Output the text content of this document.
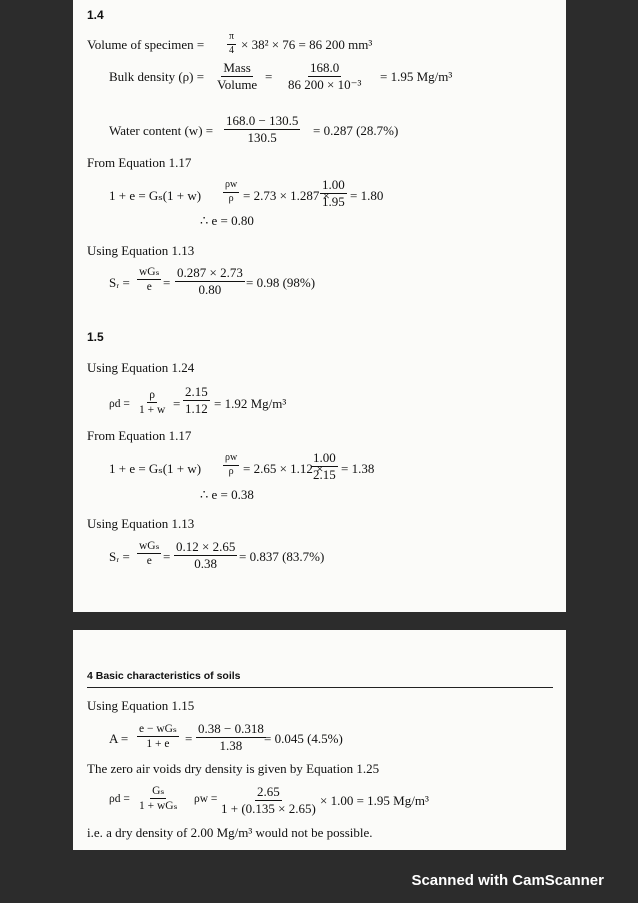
1.4
Volume of specimen = $\frac{\pi}{4} \times 38^2 \times 76 = 86$ 200 mm³
Bulk density (ρ) =
Mass
Volume
= $\frac{168.0}{\text{86 200 × 10⁻³}} = 1.95$ Mg/m³
Water content $(w) = \frac{168.0 - 130.5}{130.5} = 0.287$ (28.7%)
From Equation 1.17
$1 + e = G_s(1 + w) \frac{\rho w}{\rho} = 2.73 \times 1.287$ ×
$\frac{1.00}{1.95} = 1.80$
∴ e = 0.80
Using Equation 1.13
Sᵣ =
wGₛ
$e = \frac{0.287 \times 2.73}{0.80} = 0.98$ (98%)
1.5
Using Equation 1.24
$\rho d = \frac{\rho}{1 + w} = \frac{2.15}{1.12} = 1.92$ Mg/m³
From Equation 1.17
$1 + e = G_s(1 + w) \frac{\rho w}{\rho} = 2.65 \times 1.12$ ×
$\frac{1.00}{2.15} = 1.38$
∴ e = 0.38
Using Equation 1.13
Sᵣ =
wGₛ
$e = \frac{0.12 \times 2.65}{0.38} = 0.837$ (83.7%)
4 Basic characteristics of soils
Using Equation 1.15
A =
e − wGₛ
$1 + e = \frac{0.38 - 0.318}{1.38}$
= 0.045 (4.5%)
The zero air voids dry density is given by Equation 1.25
ρd =
Gₛ
1 + wGₛ
$\rho w = \frac{2.65}{1 + (0.135 \times 2.65)} \times 1.00 = 1.95$ Mg/m³
i.e. a dry density of 2.00 Mg/m³ would not be possible.
Scanned with CamScanner
